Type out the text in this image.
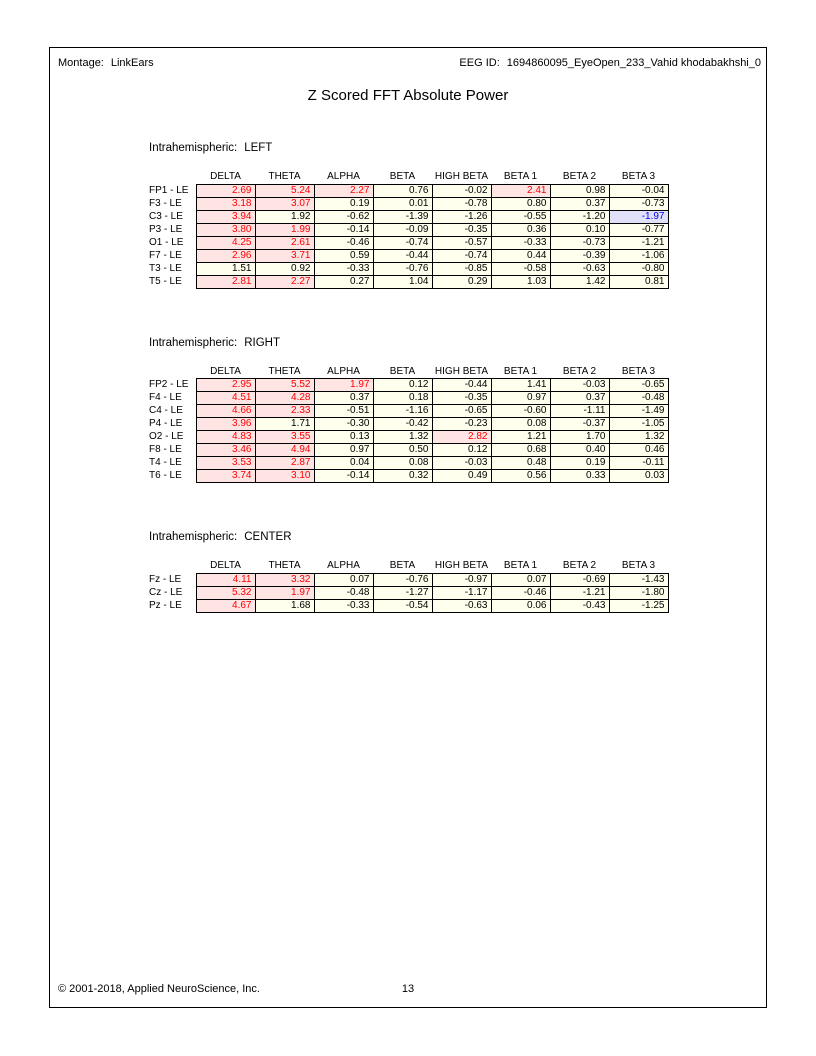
Montage: LinkEars	EEG ID: 1694860095_EyeOpen_233_Vahid khodabakhshi_0
Z Scored FFT Absolute Power
Intrahemispheric: LEFT
	DELTA	THETA	ALPHA	BETA	HIGH BETA	BETA 1	BETA 2	BETA 3
FP1 - LE	2.69	5.24	2.27	0.76	-0.02	2.41	0.98	-0.04
F3 - LE	3.18	3.07	0.19	0.01	-0.78	0.80	0.37	-0.73
C3 - LE	3.94	1.92	-0.62	-1.39	-1.26	-0.55	-1.20	-1.97
P3 - LE	3.80	1.99	-0.14	-0.09	-0.35	0.36	0.10	-0.77
O1 - LE	4.25	2.61	-0.46	-0.74	-0.57	-0.33	-0.73	-1.21
F7 - LE	2.96	3.71	0.59	-0.44	-0.74	0.44	-0.39	-1.06
T3 - LE	1.51	0.92	-0.33	-0.76	-0.85	-0.58	-0.63	-0.80
T5 - LE	2.81	2.27	0.27	1.04	0.29	1.03	1.42	0.81
Intrahemispheric: RIGHT
	DELTA	THETA	ALPHA	BETA	HIGH BETA	BETA 1	BETA 2	BETA 3
FP2 - LE	2.95	5.52	1.97	0.12	-0.44	1.41	-0.03	-0.65
F4 - LE	4.51	4.28	0.37	0.18	-0.35	0.97	0.37	-0.48
C4 - LE	4.66	2.33	-0.51	-1.16	-0.65	-0.60	-1.11	-1.49
P4 - LE	3.96	1.71	-0.30	-0.42	-0.23	0.08	-0.37	-1.05
O2 - LE	4.83	3.55	0.13	1.32	2.82	1.21	1.70	1.32
F8 - LE	3.46	4.94	0.97	0.50	0.12	0.68	0.40	0.46
T4 - LE	3.53	2.87	0.04	0.08	-0.03	0.48	0.19	-0.11
T6 - LE	3.74	3.10	-0.14	0.32	0.49	0.56	0.33	0.03
Intrahemispheric: CENTER
	DELTA	THETA	ALPHA	BETA	HIGH BETA	BETA 1	BETA 2	BETA 3
Fz - LE	4.11	3.32	0.07	-0.76	-0.97	0.07	-0.69	-1.43
Cz - LE	5.32	1.97	-0.48	-1.27	-1.17	-0.46	-1.21	-1.80
Pz - LE	4.67	1.68	-0.33	-0.54	-0.63	0.06	-0.43	-1.25
© 2001-2018, Applied NeuroScience, Inc.	13
